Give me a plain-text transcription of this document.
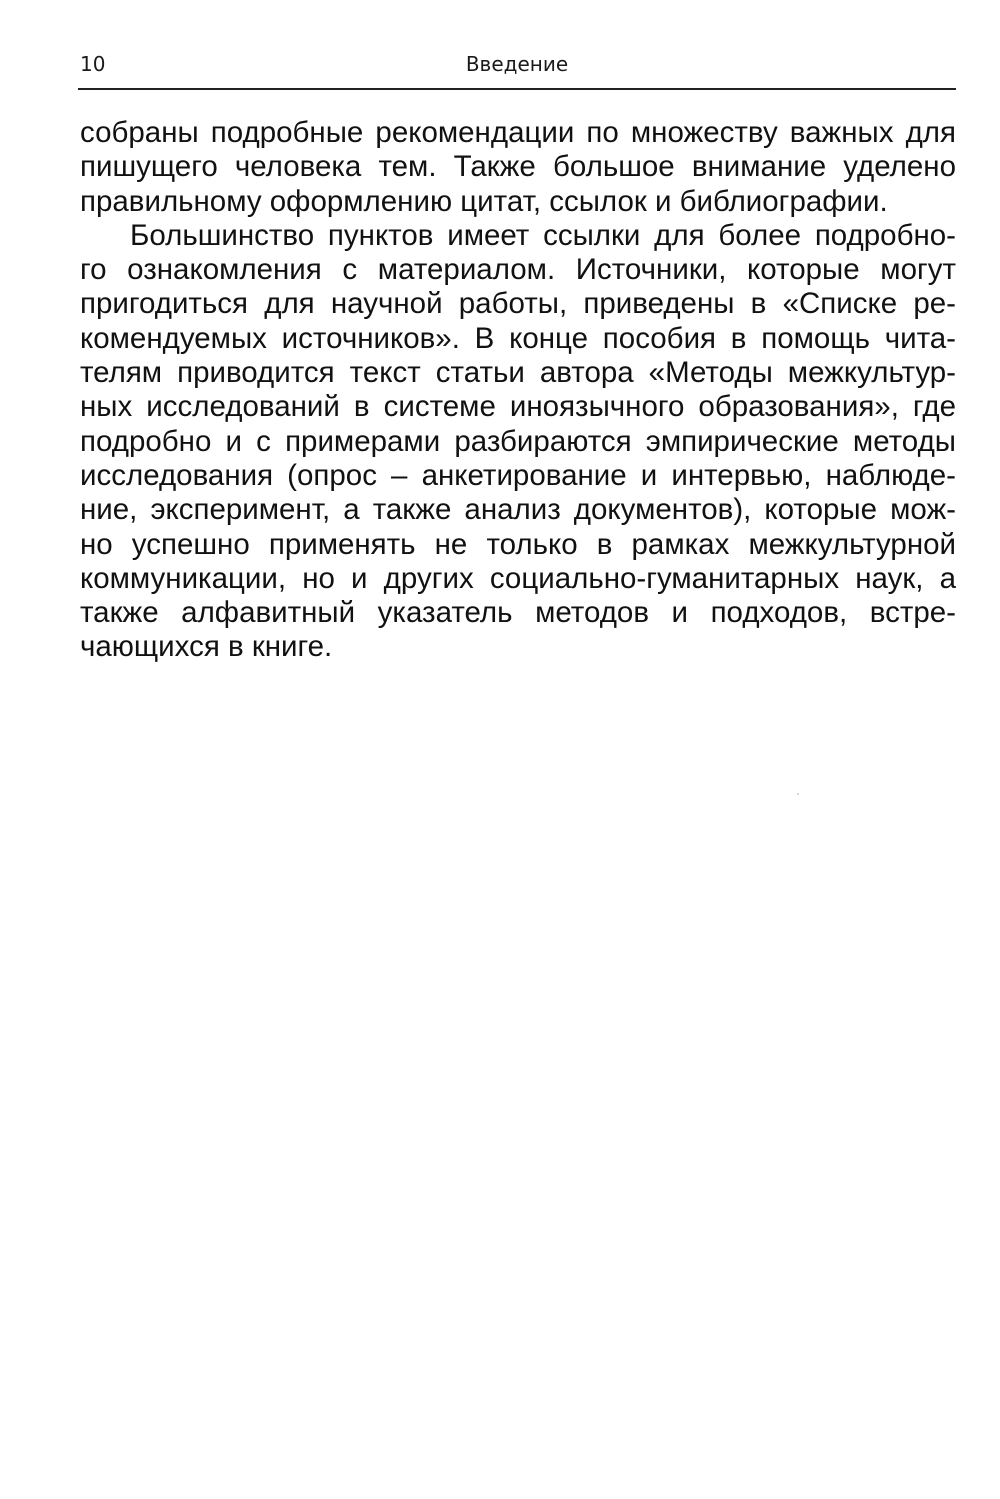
10	Введение
собраны подробные рекомендации по множеству важных для
пишущего человека тем. Также большое внимание уделено
правильному оформлению цитат, ссылок и библиографии.
Большинство пунктов имеет ссылки для более подробно-
го ознакомления с материалом. Источники, которые могут
пригодиться для научной работы, приведены в «Списке ре-
комендуемых источников». В конце пособия в помощь чита-
телям приводится текст статьи автора «Методы межкультур-
ных исследований в системе иноязычного образования», где
подробно и с примерами разбираются эмпирические методы
исследования (опрос – анкетирование и интервью, наблюде-
ние, эксперимент, а также анализ документов), которые мож-
но успешно применять не только в рамках межкультурной
коммуникации, но и других социально-гуманитарных наук, а
также алфавитный указатель методов и подходов, встре-
чающихся в книге.
